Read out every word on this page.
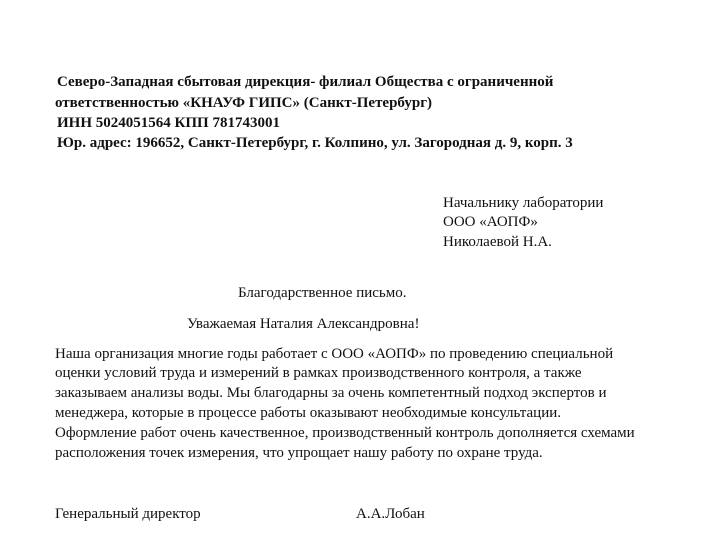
Северо-Западная сбытовая дирекция- филиал Общества с ограниченной
ответственностью «КНАУФ ГИПС» (Санкт-Петербург)
ИНН 5024051564 КПП 781743001
Юр. адрес: 196652, Санкт-Петербург, г. Колпино, ул. Загородная д. 9, корп. 3
Начальнику лаборатории
ООО «АОПФ»
Николаевой Н.А.
Благодарственное письмо.
Уважаемая Наталия Александровна!
Наша организация многие годы работает с ООО «АОПФ» по проведению специальной
оценки условий труда и измерений в рамках производственного контроля, а также
заказываем анализы воды. Мы благодарны за очень компетентный подход экспертов и
менеджера, которые в процессе работы оказывают необходимые консультации.
Оформление работ очень качественное, производственный контроль дополняется схемами
расположения точек измерения, что упрощает нашу работу по охране труда.
Генеральный директор	А.А.Лобан
